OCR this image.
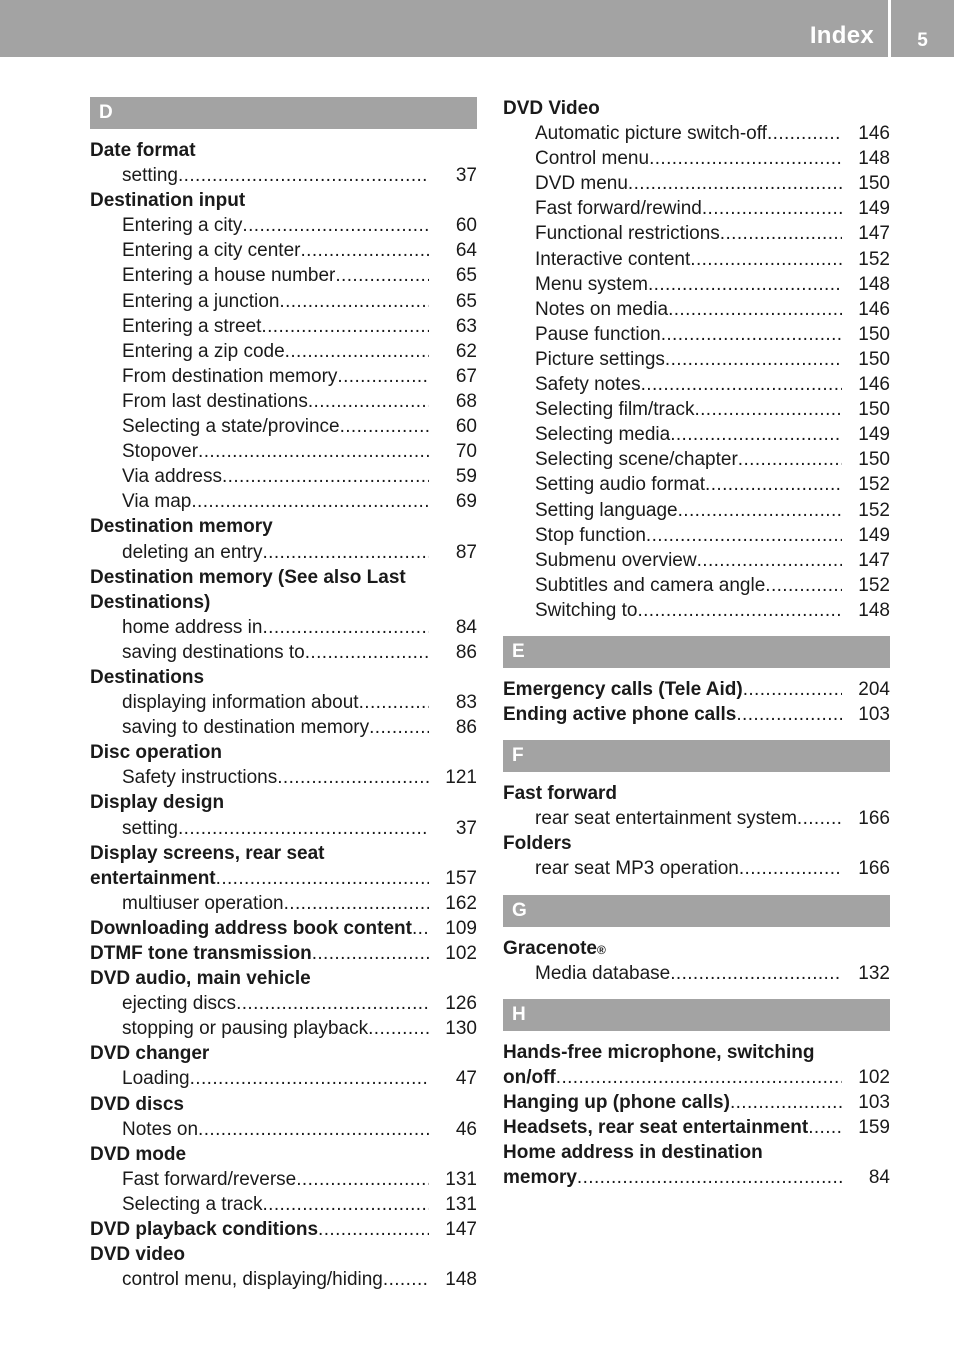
Index	5
D
Date format
setting .....	37
Destination input
Entering a city .....	60
Entering a city center .....	64
Entering a house number .....	65
Entering a junction .....	65
Entering a street .....	63
Entering a zip code .....	62
From destination memory .....	67
From last destinations .....	68
Selecting a state/province .....	60
Stopover .....	70
Via address .....	59
Via map .....	69
Destination memory
deleting an entry .....	87
Destination memory (See also Last
Destinations)
home address in .....	84
saving destinations to .....	86
Destinations
displaying information about .....	83
saving to destination memory .....	86
Disc operation
Safety instructions .....	121
Display design
setting .....	37
Display screens, rear seat
entertainment .....	157
multiuser operation .....	162
Downloading address book content .....	109
DTMF tone transmission .....	102
DVD audio, main vehicle
ejecting discs .....	126
stopping or pausing playback .....	130
DVD changer
Loading .....	47
DVD discs
Notes on .....	46
DVD mode
Fast forward/reverse .....	131
Selecting a track .....	131
DVD playback conditions .....	147
DVD video
control menu, displaying/hiding .....	148
DVD Video
Automatic picture switch-off .....	146
Control menu .....	148
DVD menu .....	150
Fast forward/rewind .....	149
Functional restrictions .....	147
Interactive content .....	152
Menu system .....	148
Notes on media .....	146
Pause function .....	150
Picture settings .....	150
Safety notes .....	146
Selecting film/track .....	150
Selecting media .....	149
Selecting scene/chapter .....	150
Setting audio format .....	152
Setting language .....	152
Stop function .....	149
Submenu overview .....	147
Subtitles and camera angle .....	152
Switching to .....	148
E
Emergency calls (Tele Aid) .....	204
Ending active phone calls .....	103
F
Fast forward
rear seat entertainment system .....	166
Folders
rear seat MP3 operation .....	166
G
Gracenote ®
Media database .....	132
H
Hands-free microphone, switching
on/off .....	102
Hanging up (phone calls) .....	103
Headsets, rear seat entertainment .....	159
Home address in destination
memory .....	84
